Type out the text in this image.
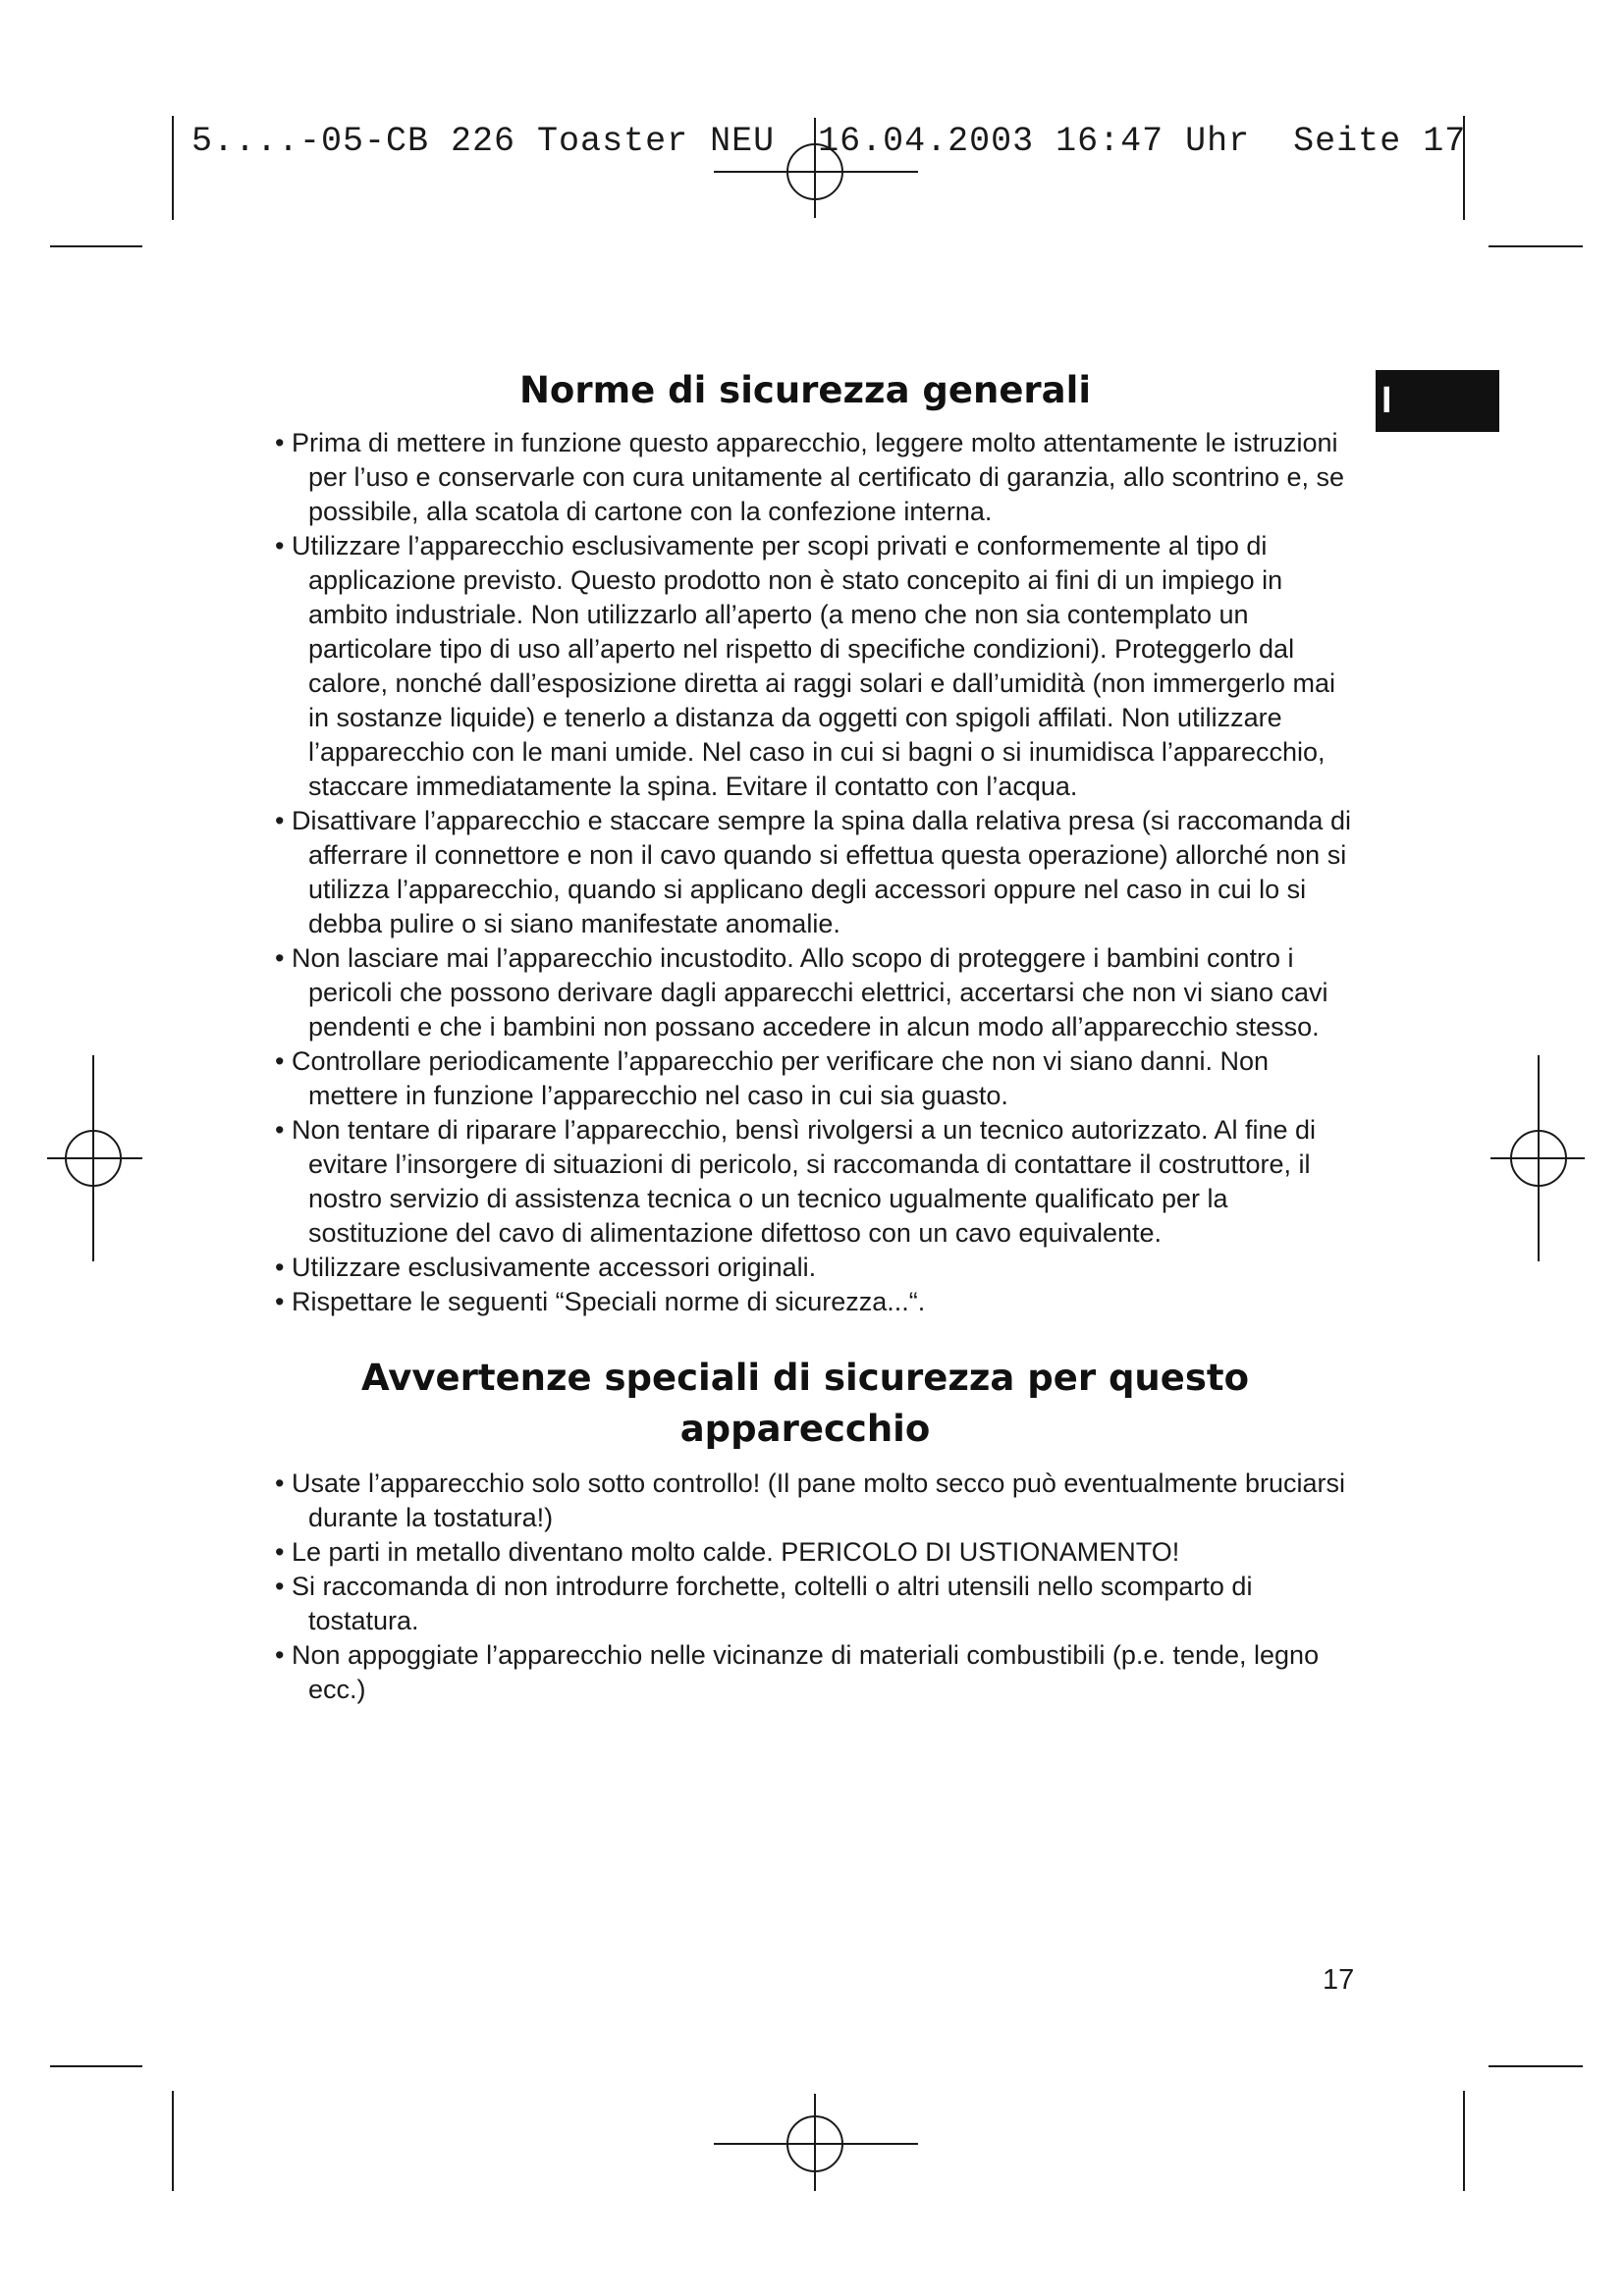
5....-05-CB 226 Toaster NEU  16.04.2003 16:47 Uhr  Seite 17
I
Norme di sicurezza generali
• Prima di mettere in funzione questo apparecchio, leggere molto attentamente le istruzioni per l’uso e conservarle con cura unitamente al certificato di garanzia, allo scontrino e, se possibile, alla scatola di cartone con la confezione interna.
• Utilizzare l’apparecchio esclusivamente per scopi privati e conformemente al tipo di applicazione previsto. Questo prodotto non è stato concepito ai fini di un impiego in ambito industriale. Non utilizzarlo all’aperto (a meno che non sia contemplato un particolare tipo di uso all’aperto nel rispetto di specifiche condizioni). Proteggerlo dal calore, nonché dall’esposizione diretta ai raggi solari e dall’umidità (non immergerlo mai in sostanze liquide) e tenerlo a distanza da oggetti con spigoli affilati. Non utilizzare l’apparecchio con le mani umide. Nel caso in cui si bagni o si inumidisca l’apparecchio, staccare immediatamente la spina. Evitare il contatto con l’acqua.
• Disattivare l’apparecchio e staccare sempre la spina dalla relativa presa (si raccomanda di afferrare il connettore e non il cavo quando si effettua questa operazione) allorché non si utilizza l’apparecchio, quando si applicano degli accessori oppure nel caso in cui lo si debba pulire o si siano manifestate anomalie.
• Non lasciare mai l’apparecchio incustodito. Allo scopo di proteggere i bambini contro i pericoli che possono derivare dagli apparecchi elettrici, accertarsi che non vi siano cavi pendenti e che i bambini non possano accedere in alcun modo all’apparecchio stesso.
• Controllare periodicamente l’apparecchio per verificare che non vi siano danni. Non mettere in funzione l’apparecchio nel caso in cui sia guasto.
• Non tentare di riparare l’apparecchio, bensì rivolgersi a un tecnico autorizzato. Al fine di evitare l’insorgere di situazioni di pericolo, si raccomanda di contattare il costruttore, il nostro servizio di assistenza tecnica o un tecnico ugualmente qualificato per la sostituzione del cavo di alimentazione difettoso con un cavo equivalente.
• Utilizzare esclusivamente accessori originali.
• Rispettare le seguenti “Speciali norme di sicurezza...“.
Avvertenze speciali di sicurezza per questo apparecchio
• Usate l’apparecchio solo sotto controllo! (Il pane molto secco può eventualmente bruciarsi durante la tostatura!)
• Le parti in metallo diventano molto calde. PERICOLO DI USTIONAMENTO!
• Si raccomanda di non introdurre forchette, coltelli o altri utensili nello scomparto di tostatura.
• Non appoggiate l’apparecchio nelle vicinanze di materiali combustibili (p.e. tende, legno ecc.)
17
